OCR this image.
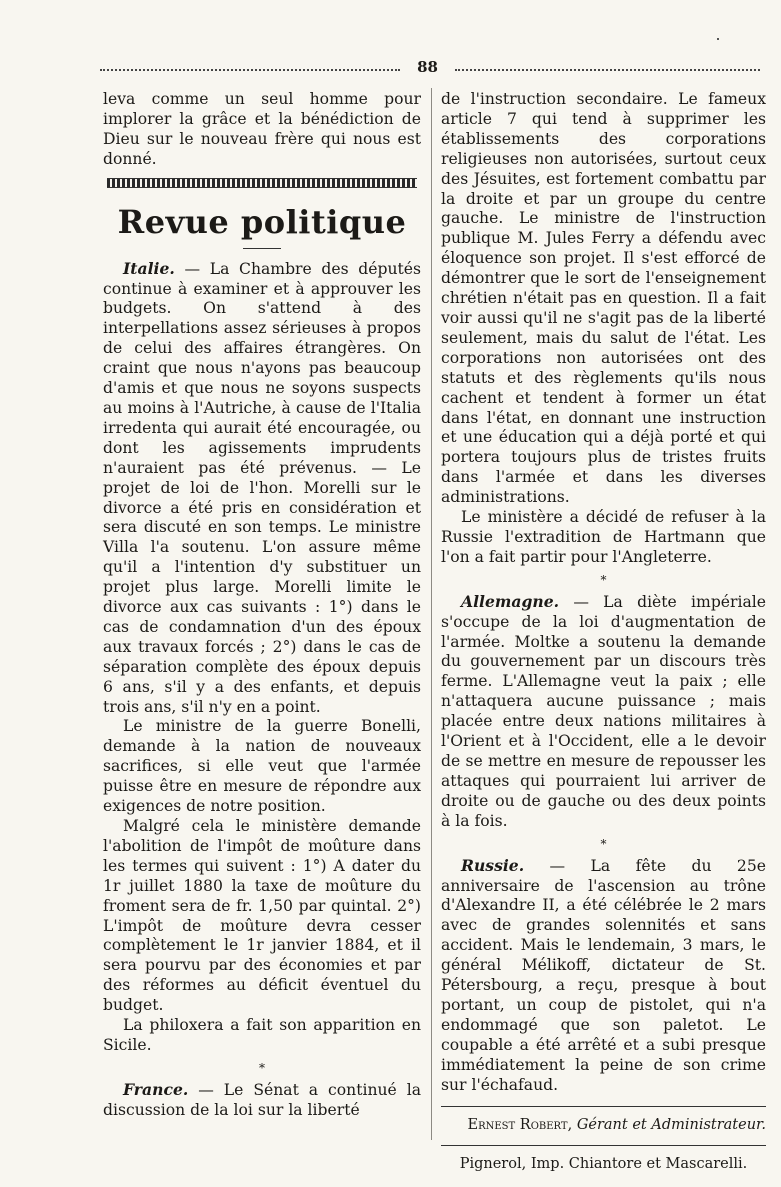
88

leva comme un seul homme pour implorer la grâce et la bénédiction de Dieu sur le nouveau frère qui nous est donné.

Revue politique

Italie. — La Chambre des députés continue à examiner et à approuver les budgets. On s'attend à des interpellations assez sérieuses à propos de celui des affaires étrangères. On craint que nous n'ayons pas beaucoup d'amis et que nous ne soyons suspects au moins à l'Autriche, à cause de l'Italia irredenta qui aurait été encouragée, ou dont les agissements imprudents n'auraient pas été prévenus. — Le projet de loi de l'hon. Morelli sur le divorce a été pris en considération et sera discuté en son temps. Le ministre Villa l'a soutenu. L'on assure même qu'il a l'intention d'y substituer un projet plus large. Morelli limite le divorce aux cas suivants : 1°) dans le cas de condamnation d'un des époux aux travaux forcés ; 2°) dans le cas de séparation complète des époux depuis 6 ans, s'il y a des enfants, et depuis trois ans, s'il n'y en a point.

Le ministre de la guerre Bonelli, demande à la nation de nouveaux sacrifices, si elle veut que l'armée puisse être en mesure de répondre aux exigences de notre position.

Malgré cela le ministère demande l'abolition de l'impôt de moûture dans les termes qui suivent : 1°) A dater du 1r juillet 1880 la taxe de moûture du froment sera de fr. 1,50 par quintal. 2°) L'impôt de moûture devra cesser complètement le 1r janvier 1884, et il sera pourvu par des économies et par des réformes au déficit éventuel du budget.

La philoxera a fait son apparition en Sicile.

*

France. — Le Sénat a continué la discussion de la loi sur la liberté

de l'instruction secondaire. Le fameux article 7 qui tend à supprimer les établissements des corporations religieuses non autorisées, surtout ceux des Jésuites, est fortement combattu par la droite et par un groupe du centre gauche. Le ministre de l'instruction publique M. Jules Ferry a défendu avec éloquence son projet. Il s'est efforcé de démontrer que le sort de l'enseignement chrétien n'était pas en question. Il a fait voir aussi qu'il ne s'agit pas de la liberté seulement, mais du salut de l'état. Les corporations non autorisées ont des statuts et des règlements qu'ils nous cachent et tendent à former un état dans l'état, en donnant une instruction et une éducation qui a déjà porté et qui portera toujours plus de tristes fruits dans l'armée et dans les diverses administrations.

Le ministère a décidé de refuser à la Russie l'extradition de Hartmann que l'on a fait partir pour l'Angleterre.

*

Allemagne. — La diète impériale s'occupe de la loi d'augmentation de l'armée. Moltke a soutenu la demande du gouvernement par un discours très ferme. L'Allemagne veut la paix ; elle n'attaquera aucune puissance ; mais placée entre deux nations militaires à l'Orient et à l'Occident, elle a le devoir de se mettre en mesure de repousser les attaques qui pourraient lui arriver de droite ou de gauche ou des deux points à la fois.

*

Russie. — La fête du 25e anniversaire de l'ascension au trône d'Alexandre II, a été célébrée le 2 mars avec de grandes solennités et sans accident. Mais le lendemain, 3 mars, le général Mélikoff, dictateur de St. Pétersbourg, a reçu, presque à bout portant, un coup de pistolet, qui n'a endommagé que son paletot. Le coupable a été arrêté et a subi presque immédiatement la peine de son crime sur l'échafaud.

Ernest Robert, Gérant et Administrateur.
Pignerol, Imp. Chiantore et Mascarelli.
